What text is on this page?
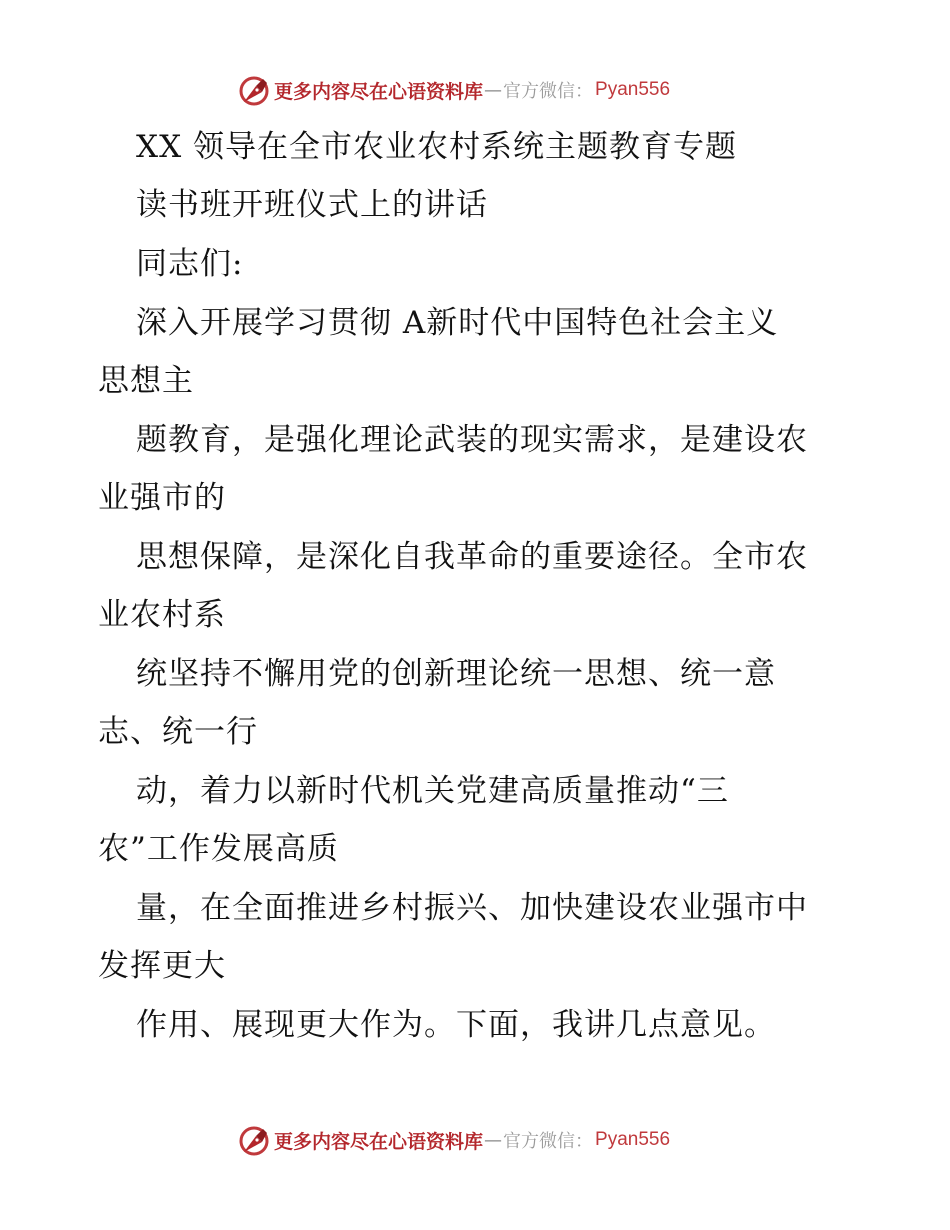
更多内容尽在心语资料库 — 官方微信： Pyan556
XX 领导在全市农业农村系统主题教育专题
读书班开班仪式上的讲话
同志们:
深入开展学习贯彻 A新时代中国特色社会主义
思想主
题教育，是强化理论武装的现实需求，是建设农
业强市的
思想保障，是深化自我革命的重要途径。全市农
业农村系
统坚持不懈用党的创新理论统一思想、统一意
志、统一行
动，着力以新时代机关党建高质量推动“三
农”工作发展高质
量，在全面推进乡村振兴、加快建设农业强市中
发挥更大
作用、展现更大作为。下面，我讲几点意见。
更多内容尽在心语资料库 — 官方微信： Pyan556
